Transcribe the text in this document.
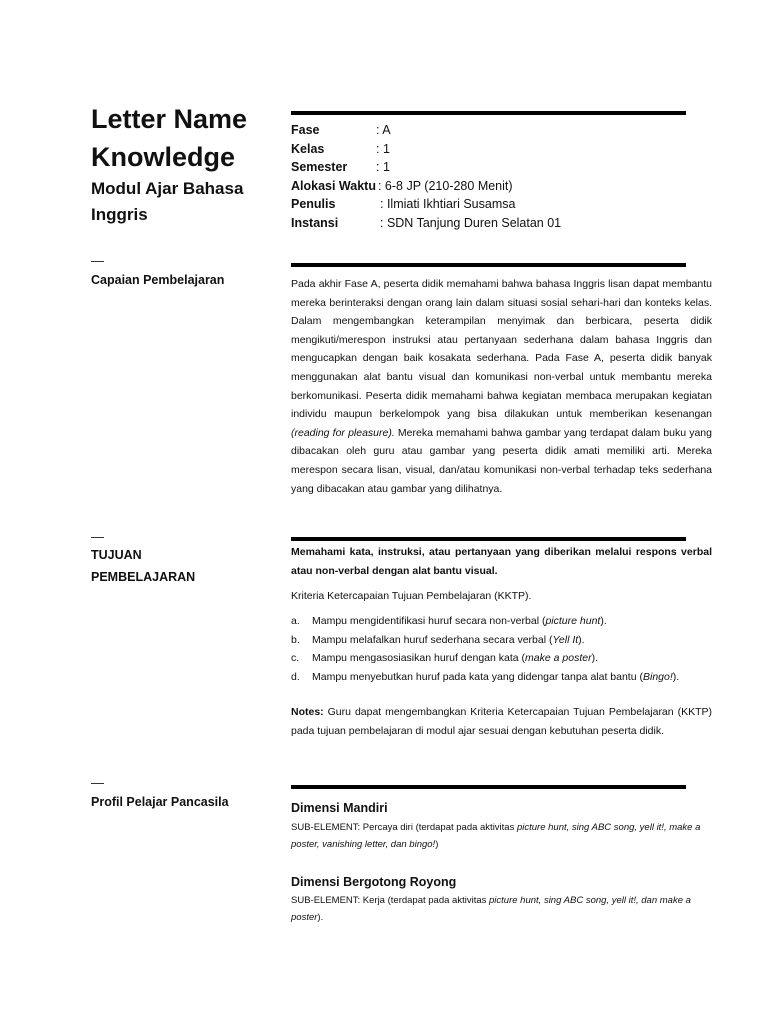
Letter Name Knowledge
Modul Ajar Bahasa Inggris
Fase	: A
Kelas	: 1
Semester	: 1
Alokasi Waktu : 6-8 JP (210-280 Menit)
Penulis	: Ilmiati Ikhtiari Susamsa
Instansi	: SDN Tanjung Duren Selatan 01
—
Capaian Pembelajaran	Pada akhir Fase A, peserta didik memahami bahwa bahasa Inggris lisan dapat membantu mereka berinteraksi dengan orang lain dalam situasi sosial sehari-hari dan konteks kelas. Dalam mengembangkan keterampilan menyimak dan berbicara, peserta didik mengikuti/merespon instruksi atau pertanyaan sederhana dalam bahasa Inggris dan mengucapkan dengan baik kosakata sederhana. Pada Fase A, peserta didik banyak menggunakan alat bantu visual dan komunikasi non-verbal untuk membantu mereka berkomunikasi. Peserta didik memahami bahwa kegiatan membaca merupakan kegiatan individu maupun berkelompok yang bisa dilakukan untuk memberikan kesenangan (reading for pleasure). Mereka memahami bahwa gambar yang terdapat dalam buku yang dibacakan oleh guru atau gambar yang peserta didik amati memiliki arti. Mereka merespon secara lisan, visual, dan/atau komunikasi non-verbal terhadap teks sederhana yang dibacakan atau gambar yang dilihatnya.
—
TUJUAN PEMBELAJARAN
Memahami kata, instruksi, atau pertanyaan yang diberikan melalui respons verbal atau non-verbal dengan alat bantu visual.
Kriteria Ketercapaian Tujuan Pembelajaran (KKTP).
a.	Mampu mengidentifikasi huruf secara non-verbal (picture hunt).
b.	Mampu melafalkan huruf sederhana secara verbal (Yell It).
c.	Mampu mengasosiasikan huruf dengan kata (make a poster).
d.	Mampu menyebutkan huruf pada kata yang didengar tanpa alat bantu (Bingo!).
Notes: Guru dapat mengembangkan Kriteria Ketercapaian Tujuan Pembelajaran (KKTP) pada tujuan pembelajaran di modul ajar sesuai dengan kebutuhan peserta didik.
—
Profil Pelajar Pancasila	Dimensi Mandiri
SUB-ELEMENT: Percaya diri (terdapat pada aktivitas picture hunt, sing ABC song, yell it!, make a poster, vanishing letter, dan bingo!)
Dimensi Bergotong Royong
SUB-ELEMENT: Kerja (terdapat pada aktivitas picture hunt, sing ABC song, yell it!, dan make a poster).
